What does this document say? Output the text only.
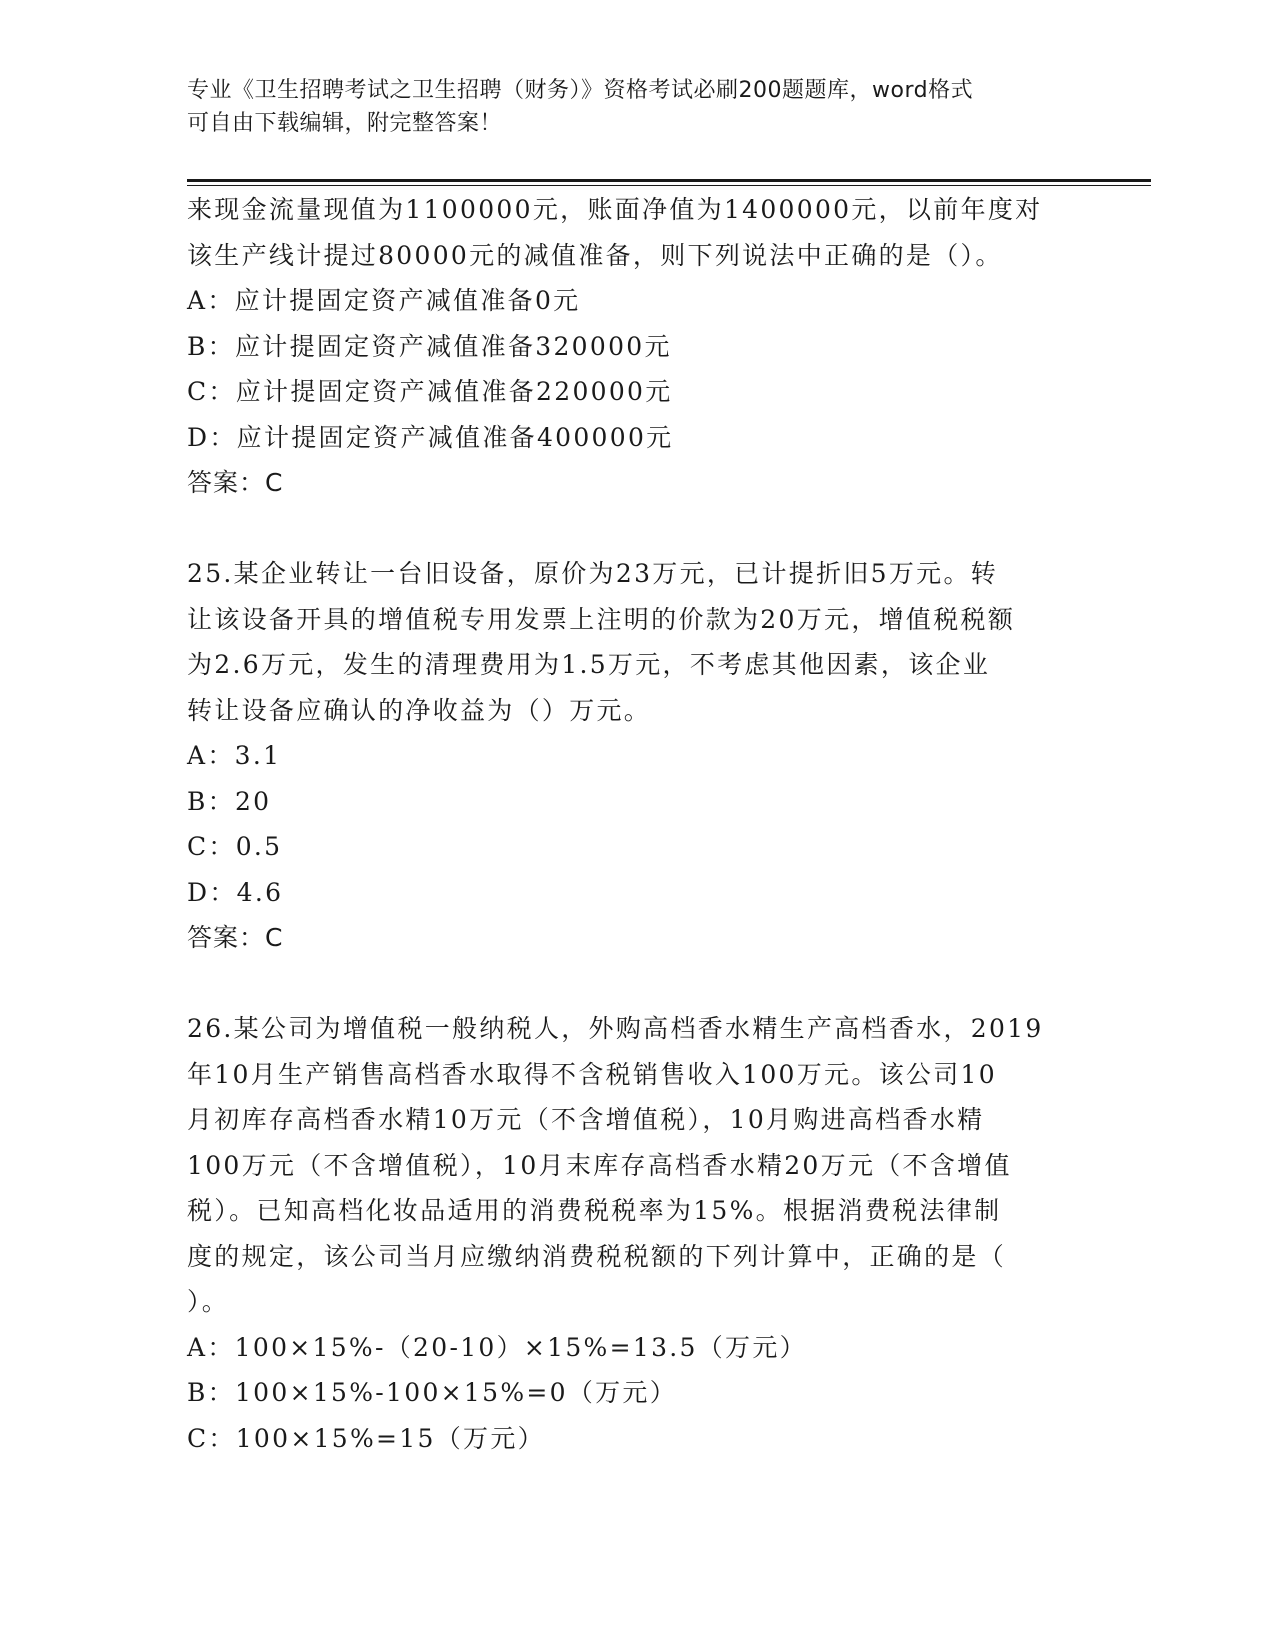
专业《卫生招聘考试之卫生招聘（财务）》资格考试必刷200题题库，word格式
可自由下载编辑，附完整答案！
来现金流量现值为1100000元，账面净值为1400000元，以前年度对
该生产线计提过80000元的减值准备，则下列说法中正确的是（）。
A：应计提固定资产减值准备0元
B：应计提固定资产减值准备320000元
C：应计提固定资产减值准备220000元
D：应计提固定资产减值准备400000元
答案：C
25.某企业转让一台旧设备，原价为23万元，已计提折旧5万元。转
让该设备开具的增值税专用发票上注明的价款为20万元，增值税税额
为2.6万元，发生的清理费用为1.5万元，不考虑其他因素，该企业
转让设备应确认的净收益为（）万元。
A：3.1
B：20
C：0.5
D：4.6
答案：C
26.某公司为增值税一般纳税人，外购高档香水精生产高档香水，2019
年10月生产销售高档香水取得不含税销售收入100万元。该公司10
月初库存高档香水精10万元（不含增值税），10月购进高档香水精
100万元（不含增值税），10月末库存高档香水精20万元（不含增值
税）。已知高档化妆品适用的消费税税率为15%。根据消费税法律制
度的规定，该公司当月应缴纳消费税税额的下列计算中，正确的是（
）。
A：100×15%-（20-10）×15%=13.5（万元）
B：100×15%-100×15%=0（万元）
C：100×15%=15（万元）
